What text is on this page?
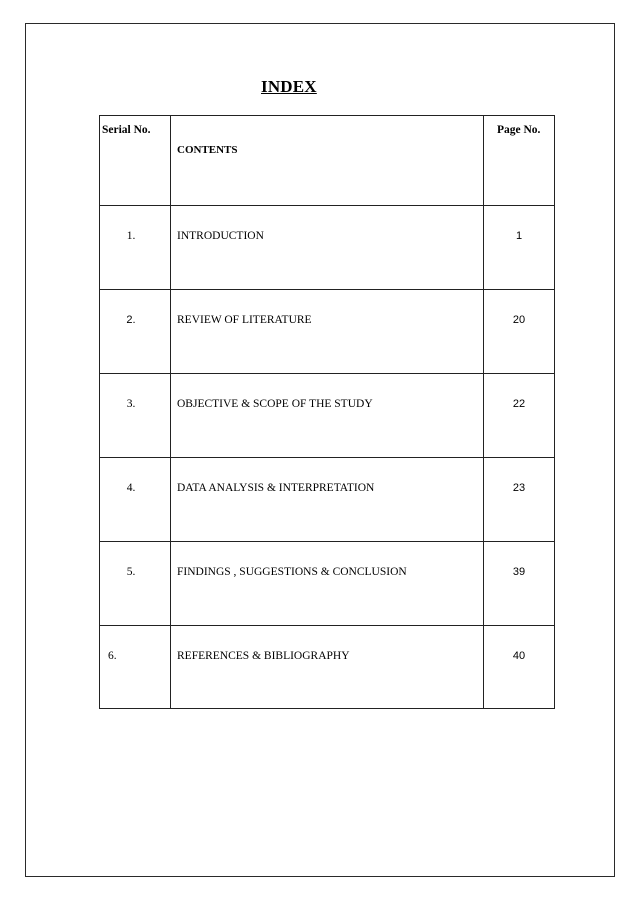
INDEX
Serial No.	CONTENTS	Page No.
1.	INTRODUCTION	1
2.	REVIEW OF LITERATURE	20
3.	OBJECTIVE & SCOPE OF THE STUDY	22
4.	DATA ANALYSIS & INTERPRETATION	23
5.	FINDINGS , SUGGESTIONS & CONCLUSION	39
6.	REFERENCES & BIBLIOGRAPHY	40
